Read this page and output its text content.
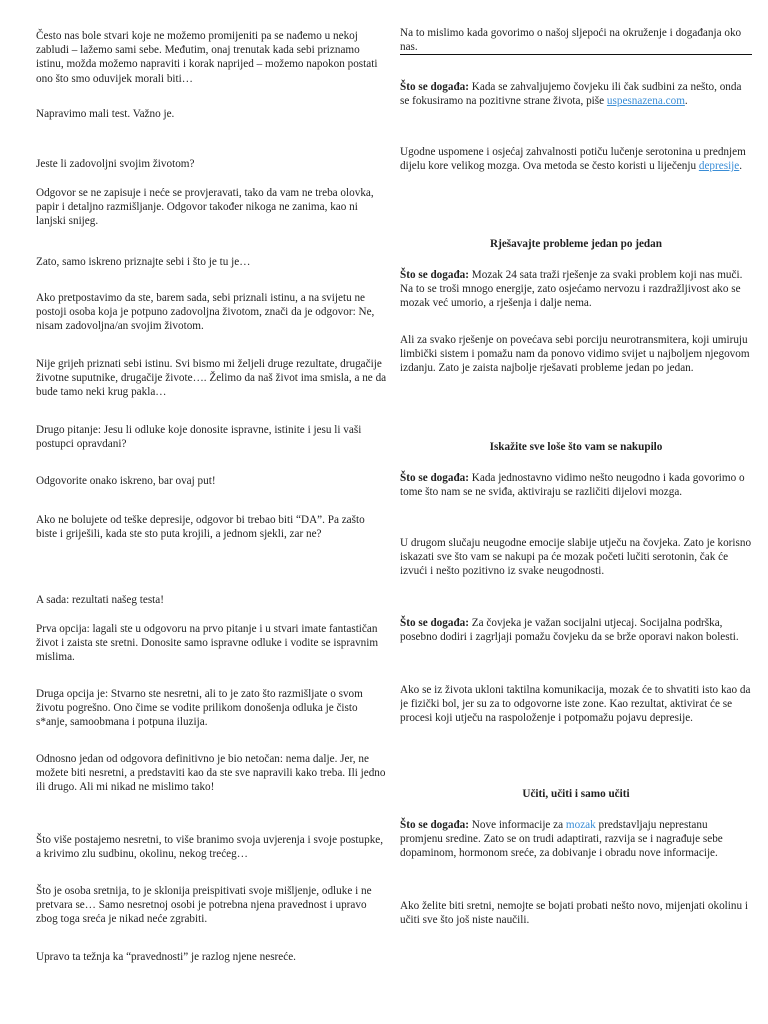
Često nas bole stvari koje ne možemo promijeniti pa se nađemo u nekoj zabludi – lažemo sami sebe. Međutim, onaj trenutak kada sebi priznamo istinu, možda možemo napraviti i korak naprijed – možemo napokon postati ono što smo oduvijek morali biti…

Napravimo mali test. Važno je.

Jeste li zadovoljni svojim životom?

Odgovor se ne zapisuje i neće se provjeravati, tako da vam ne treba olovka, papir i detaljno razmišljanje. Odgovor također nikoga ne zanima, kao ni lanjski snijeg.

Zato, samo iskreno priznajte sebi i što je tu je…

Ako pretpostavimo da ste, barem sada, sebi priznali istinu, a na svijetu ne postoji osoba koja je potpuno zadovoljna životom, znači da je odgovor: Ne, nisam zadovoljna/an svojim životom.

Nije grijeh priznati sebi istinu. Svi bismo mi željeli druge rezultate, drugačije životne suputnike, drugačije živote…. Želimo da naš život ima smisla, a ne da bude tamo neki krug pakla…

Drugo pitanje: Jesu li odluke koje donosite ispravne, istinite i jesu li vaši postupci opravdani?

Odgovorite onako iskreno, bar ovaj put!

Ako ne bolujete od teške depresije, odgovor bi trebao biti “DA”. Pa zašto biste i griješili, kada ste sto puta krojili, a jednom sjekli, zar ne?

A sada: rezultati našeg testa!

Prva opcija: lagali ste u odgovoru na prvo pitanje i u stvari imate fantastičan život i zaista ste sretni. Donosite samo ispravne odluke i vodite se ispravnim mislima.

Druga opcija je: Stvarno ste nesretni, ali to je zato što razmišljate o svom životu pogrešno. Ono čime se vodite prilikom donošenja odluka je čisto s*anje, samoobmana i potpuna iluzija.

Odnosno jedan od odgovora definitivno je bio netočan: nema dalje. Jer, ne možete biti nesretni, a predstaviti kao da ste sve napravili kako treba. Ili jedno ili drugo. Ali mi nikad ne mislimo tako!

Što više postajemo nesretni, to više branimo svoja uvjerenja i svoje postupke, a krivimo zlu sudbinu, okolinu, nekog trećeg…

Što je osoba sretnija, to je sklonija preispitivati svoje mišljenje, odluke i ne pretvara se… Samo nesretnoj osobi je potrebna njena pravednost i upravo zbog toga sreća je nikad neće zgrabiti.

Upravo ta težnja ka “pravednosti” je razlog njene nesreće.

Na to mislimo kada govorimo o našoj sljepoći na okruženje i događanja oko nas.

Što se događa: Kada se zahvaljujemo čovjeku ili čak sudbini za nešto, onda se fokusiramo na pozitivne strane života, piše uspesnazena.com.

Ugodne uspomene i osjećaj zahvalnosti potiču lučenje serotonina u prednjem dijelu kore velikog mozga. Ova metoda se često koristi u liječenju depresije.

Rješavajte probleme jedan po jedan

Što se događa: Mozak 24 sata traži rješenje za svaki problem koji nas muči. Na to se troši mnogo energije, zato osjećamo nervozu i razdražljivost ako se mozak već umorio, a rješenja i dalje nema.

Ali za svako rješenje on povećava sebi porciju neurotransmitera, koji umiruju limbički sistem i pomažu nam da ponovo vidimo svijet u najboljem njegovom izdanju. Zato je zaista najbolje rješavati probleme jedan po jedan.

Iskažite sve loše što vam se nakupilo

Što se događa: Kada jednostavno vidimo nešto neugodno i kada govorimo o tome što nam se ne sviđa, aktiviraju se različiti dijelovi mozga.

U drugom slučaju neugodne emocije slabije utječu na čovjeka. Zato je korisno iskazati sve što vam se nakupi pa će mozak početi lučiti serotonin, čak će izvući i nešto pozitivno iz svake neugodnosti.

Što se događa: Za čovjeka je važan socijalni utjecaj. Socijalna podrška, posebno dodiri i zagrljaji pomažu čovjeku da se brže oporavi nakon bolesti.

Ako se iz života ukloni taktilna komunikacija, mozak će to shvatiti isto kao da je fizički bol, jer su za to odgovorne iste zone. Kao rezultat, aktivirat će se procesi koji utječu na raspoloženje i potpomažu pojavu depresije.

Učiti, učiti i samo učiti

Što se događa: Nove informacije za mozak predstavljaju neprestanu promjenu sredine. Zato se on trudi adaptirati, razvija se i nagrađuje sebe dopaminom, hormonom sreće, za dobivanje i obradu nove informacije.

Ako želite biti sretni, nemojte se bojati probati nešto novo, mijenjati okolinu i učiti sve što još niste naučili.
